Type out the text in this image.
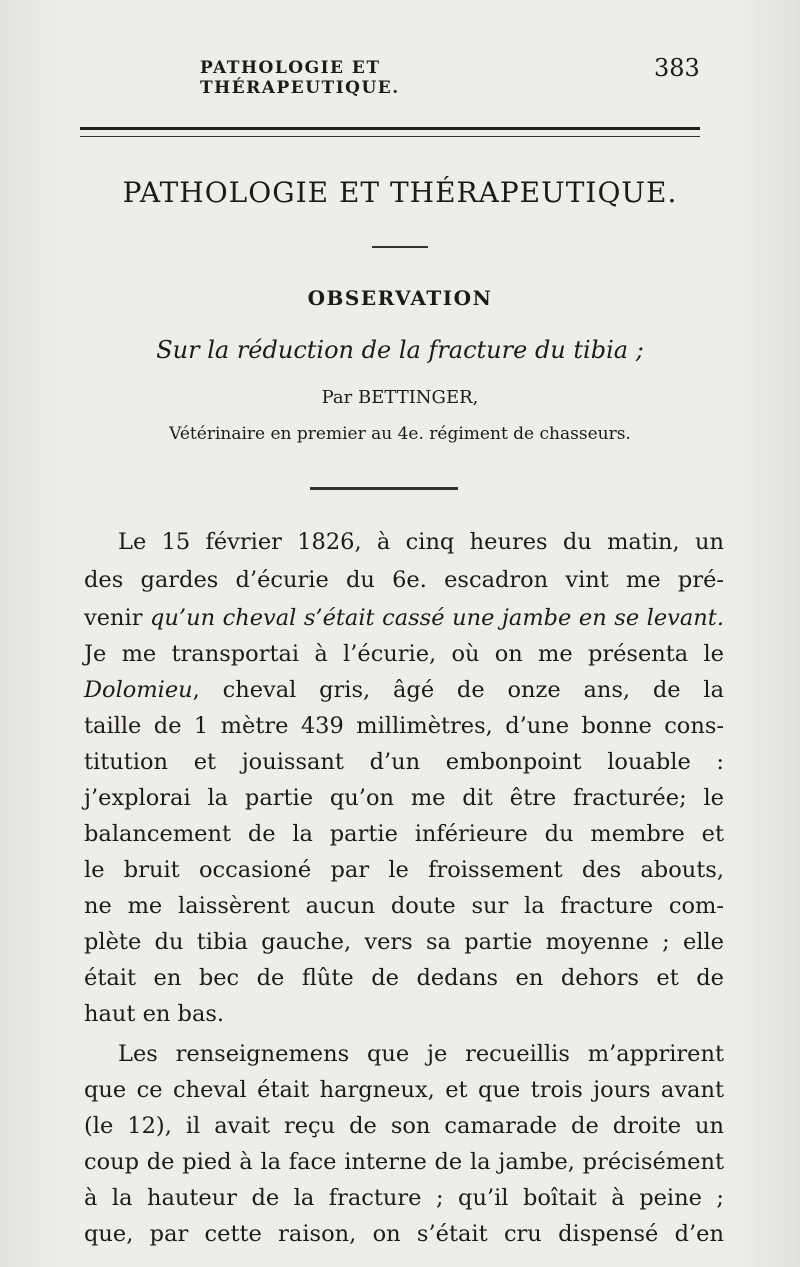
PATHOLOGIE ET THÉRAPEUTIQUE.
383
PATHOLOGIE ET THÉRAPEUTIQUE.
OBSERVATION
Sur la réduction de la fracture du tibia ;
Par BETTINGER,
Vétérinaire en premier au 4e. régiment de chasseurs.
Le 15 février 1826, à cinq heures du matin, un
des gardes d’écurie du 6e. escadron vint me pré-
venir qu’un cheval s’était cassé une jambe en se levant.
Je me transportai à l’écurie, où on me présenta le
Dolomieu, cheval gris, âgé de onze ans, de la
taille de 1 mètre 439 millimètres, d’une bonne cons-
titution et jouissant d’un embonpoint louable :
j’explorai la partie qu’on me dit être fracturée; le
balancement de la partie inférieure du membre et
le bruit occasioné par le froissement des abouts,
ne me laissèrent aucun doute sur la fracture com-
plète du tibia gauche, vers sa partie moyenne ; elle
était en bec de flûte de dedans en dehors et de
haut en bas.
Les renseignemens que je recueillis m’apprirent
que ce cheval était hargneux, et que trois jours avant
(le 12), il avait reçu de son camarade de droite un
coup de pied à la face interne de la jambe, précisément
à la hauteur de la fracture ; qu’il boîtait à peine ;
que, par cette raison, on s’était cru dispensé d’en
